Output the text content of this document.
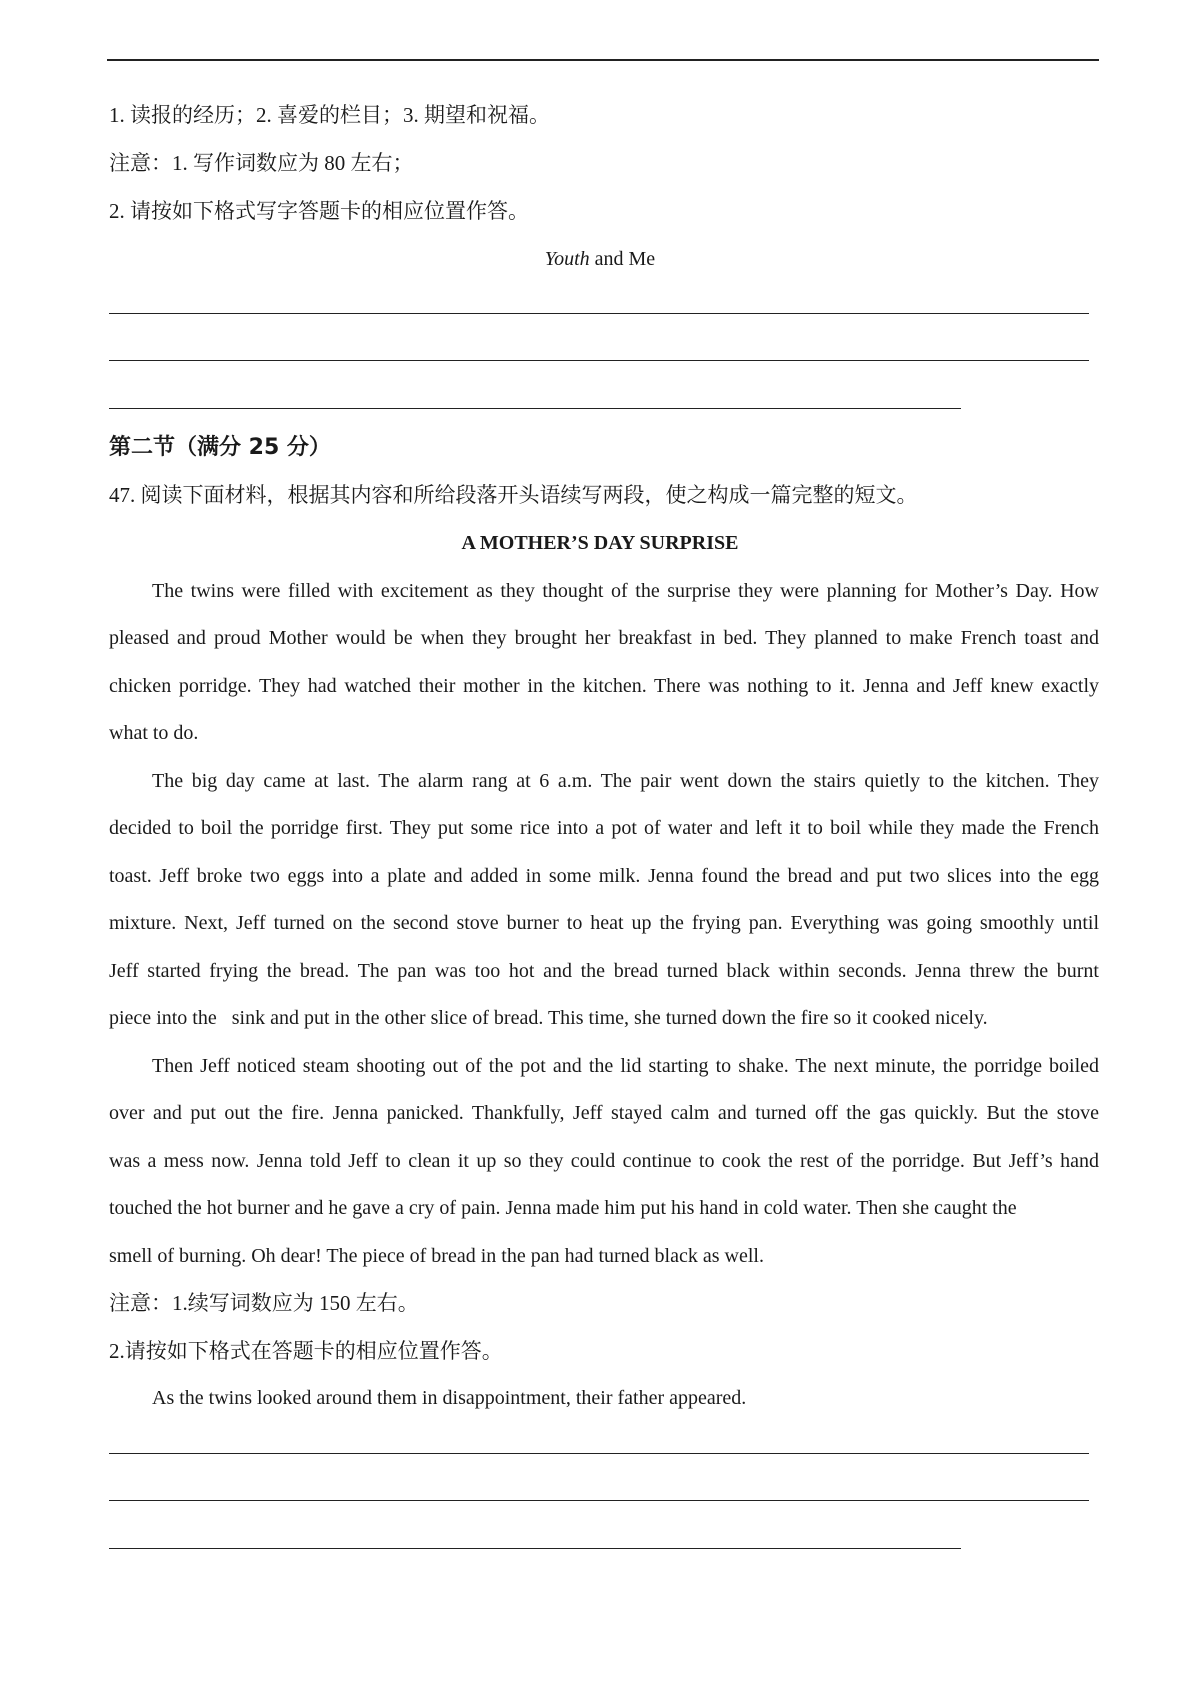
1. 读报的经历；2. 喜爱的栏目；3. 期望和祝福。
注意：1. 写作词数应为 80 左右；
2. 请按如下格式写字答题卡的相应位置作答。
Youth and Me
第二节（满分 25 分）
47. 阅读下面材料，根据其内容和所给段落开头语续写两段，使之构成一篇完整的短文。
A MOTHER’S DAY SURPRISE
The twins were filled with excitement as they thought of the surprise they were planning for Mother’s Day. How
pleased and proud Mother would be when they brought her breakfast in bed. They planned to make French toast and
chicken porridge. They had watched their mother in the kitchen. There was nothing to it. Jenna and Jeff knew exactly
what to do.
The big day came at last. The alarm rang at 6 a.m. The pair went down the stairs quietly to the kitchen. They
decided to boil the porridge first. They put some rice into a pot of water and left it to boil while they made the French
toast. Jeff broke two eggs into a plate and added in some milk. Jenna found the bread and put two slices into the egg
mixture. Next, Jeff turned on the second stove burner to heat up the frying pan. Everything was going smoothly until
Jeff started frying the bread. The pan was too hot and the bread turned black within seconds. Jenna threw the burnt
piece into the   sink and put in the other slice of bread. This time, she turned down the fire so it cooked nicely.
Then Jeff noticed steam shooting out of the pot and the lid starting to shake. The next minute, the porridge boiled
over and put out the fire. Jenna panicked. Thankfully, Jeff stayed calm and turned off the gas quickly. But the stove
was a mess now. Jenna told Jeff to clean it up so they could continue to cook the rest of the porridge. But Jeff’s hand
touched the hot burner and he gave a cry of pain. Jenna made him put his hand in cold water. Then she caught the
smell of burning. Oh dear! The piece of bread in the pan had turned black as well.
注意：1.续写词数应为 150 左右。
2.请按如下格式在答题卡的相应位置作答。
As the twins looked around them in disappointment, their father appeared.
